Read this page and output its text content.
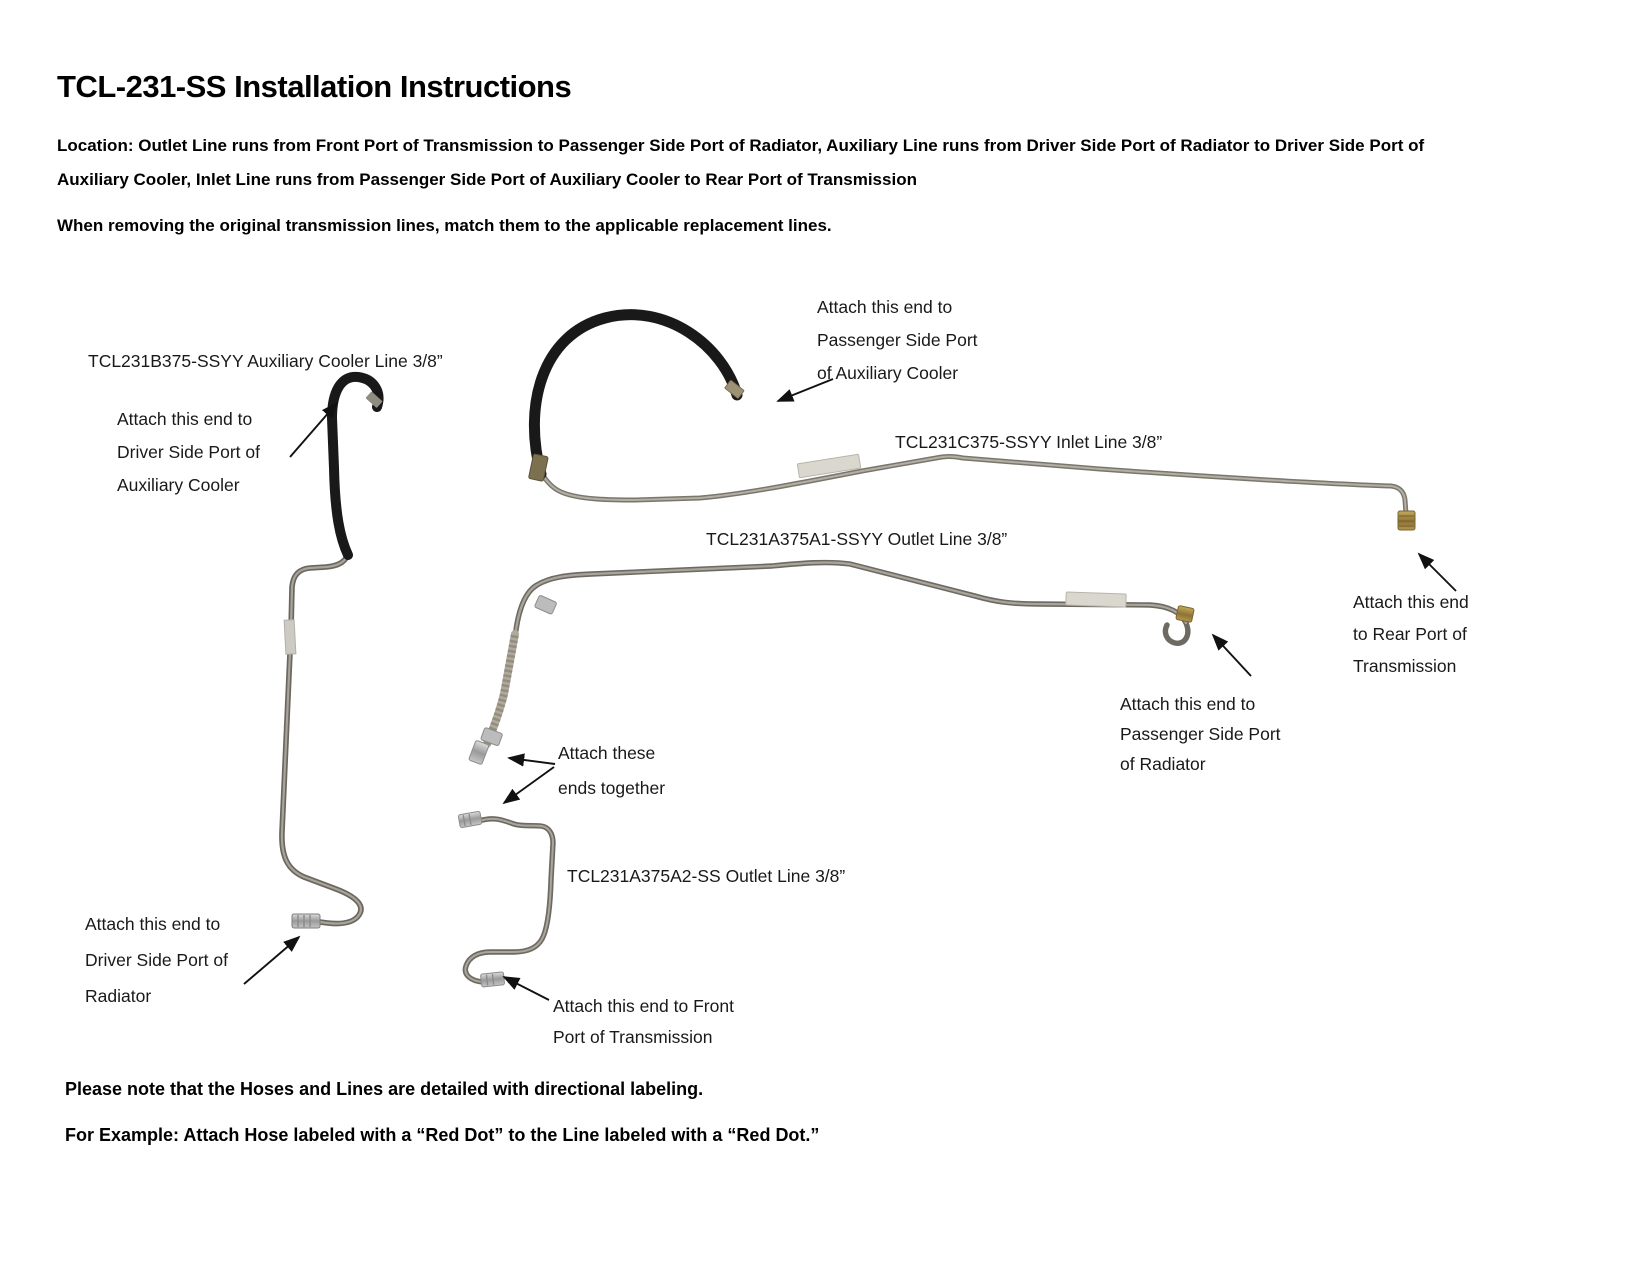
TCL-231-SS Installation Instructions

Location: Outlet Line runs from Front Port of Transmission to Passenger Side Port of Radiator, Auxiliary Line runs from Driver Side Port of Radiator to Driver Side Port of Auxiliary Cooler, Inlet Line runs from Passenger Side Port of Auxiliary Cooler to Rear Port of Transmission

When removing the original transmission lines, match them to the applicable replacement lines.

TCL231B375-SSYY Auxiliary Cooler Line 3/8”
TCL231C375-SSYY Inlet Line 3/8”
TCL231A375A1-SSYY Outlet Line 3/8”
TCL231A375A2-SS Outlet Line 3/8”
Attach this end to
Driver Side Port of
Auxiliary Cooler
Attach this end to
Passenger Side Port
of Auxiliary Cooler
Attach this end
to Rear Port of
Transmission
Attach this end to
Passenger Side Port
of Radiator
Attach these
ends together
Attach this end to Front
Port of Transmission
Attach this end to
Driver Side Port of
Radiator
Please note that the Hoses and Lines are detailed with directional labeling.
For Example: Attach Hose labeled with a “Red Dot” to the Line labeled with a “Red Dot.”
